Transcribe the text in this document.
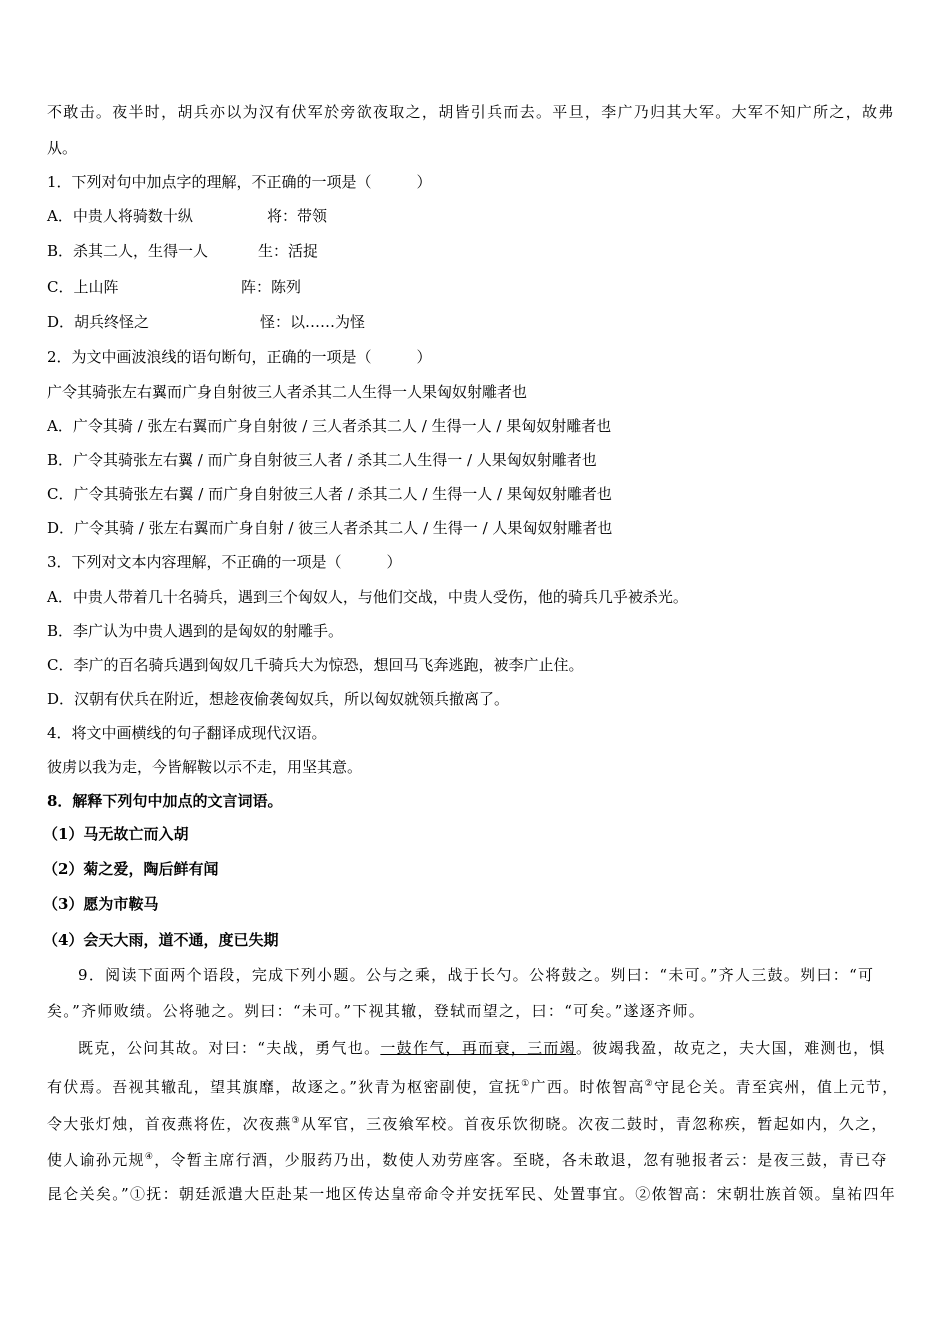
不敢击。夜半时，胡兵亦以为汉有伏军於旁欲夜取之，胡皆引兵而去。平旦，李广乃归其大军。大军不知广所之，故弗
从。
1．下列对句中加点字的理解，不正确的一项是（　　　）
A．中贵人将骑数十纵	将：带领
B．杀其二人，生得一人	生：活捉
C．上山阵	阵：陈列
D．胡兵终怪之	怪：以……为怪
2．为文中画波浪线的语句断句，正确的一项是（　　　）
广令其骑张左右翼而广身自射彼三人者杀其二人生得一人果匈奴射雕者也
A．广令其骑 / 张左右翼而广身自射彼 / 三人者杀其二人 / 生得一人 / 果匈奴射雕者也
B．广令其骑张左右翼 / 而广身自射彼三人者 / 杀其二人生得一 / 人果匈奴射雕者也
C．广令其骑张左右翼 / 而广身自射彼三人者 / 杀其二人 / 生得一人 / 果匈奴射雕者也
D．广令其骑 / 张左右翼而广身自射 / 彼三人者杀其二人 / 生得一 / 人果匈奴射雕者也
3．下列对文本内容理解，不正确的一项是（　　　）
A．中贵人带着几十名骑兵，遇到三个匈奴人，与他们交战，中贵人受伤，他的骑兵几乎被杀光。
B．李广认为中贵人遇到的是匈奴的射雕手。
C．李广的百名骑兵遇到匈奴几千骑兵大为惊恐，想回马飞奔逃跑，被李广止住。
D．汉朝有伏兵在附近，想趁夜偷袭匈奴兵，所以匈奴就领兵撤离了。
4．将文中画横线的句子翻译成现代汉语。
彼虏以我为走，今皆解鞍以示不走，用坚其意。
8．解释下列句中加点的文言词语。
（1）马无故亡而入胡
（2）菊之爱，陶后鲜有闻
（3）愿为市鞍马
（4）会天大雨，道不通，度已失期
9．阅读下面两个语段，完成下列小题。公与之乘，战于长勺。公将鼓之。刿曰：“未可。”齐人三鼓。刿曰：“可
矣。”齐师败绩。公将驰之。刿曰：“未可。”下视其辙，登轼而望之，曰：“可矣。”遂逐齐师。
既克，公问其故。对曰：“夫战，勇气也。一鼓作气，再而衰，三而竭。彼竭我盈，故克之，夫大国，难测也，惧
有伏焉。吾视其辙乱，望其旗靡，故逐之。”狄青为枢密副使，宣抚①广西。时侬智高②守昆仑关。青至宾州，值上元节，
令大张灯烛，首夜燕将佐，次夜燕③从军官，三夜飨军校。首夜乐饮彻晓。次夜二鼓时，青忽称疾，暂起如内，久之，
使人谕孙元规④，令暂主席行酒，少服药乃出，数使人劝劳座客。至晓，各未敢退，忽有驰报者云：是夜三鼓，青已夺
昆仑关矣。”①抚：朝廷派遣大臣赴某一地区传达皇帝命令并安抚军民、处置事宜。②侬智高：宋朝壮族首领。皇祐四年
